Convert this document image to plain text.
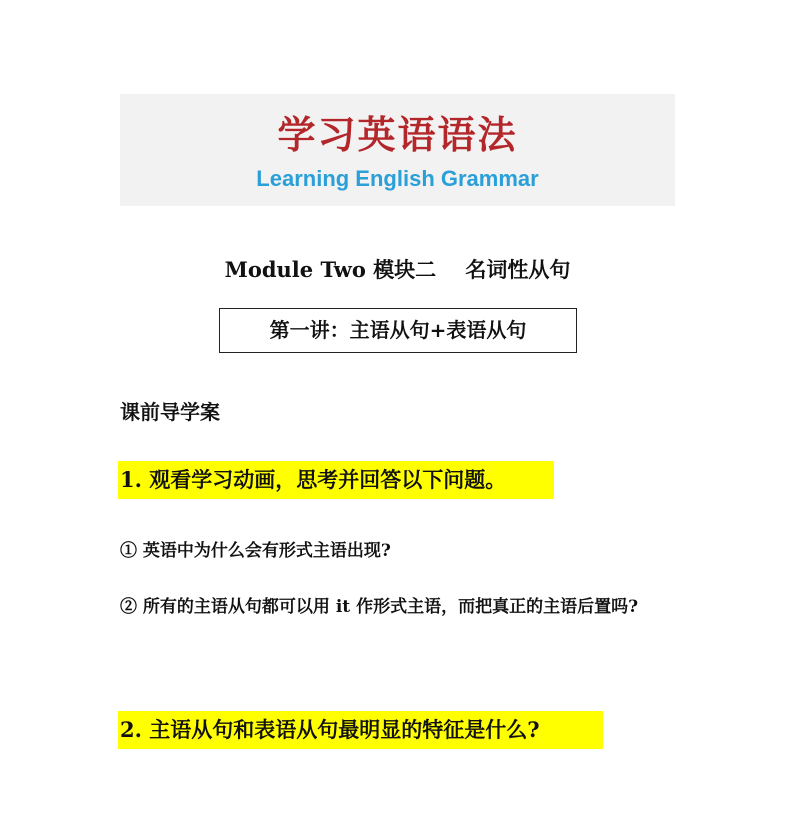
学习英语语法
Learning English Grammar
Module Two 模块二    名词性从句
第一讲：主语从句+表语从句
课前导学案
1. 观看学习动画，思考并回答以下问题。
① 英语中为什么会有形式主语出现?
② 所有的主语从句都可以用 it 作形式主语，而把真正的主语后置吗?
2. 主语从句和表语从句最明显的特征是什么?
